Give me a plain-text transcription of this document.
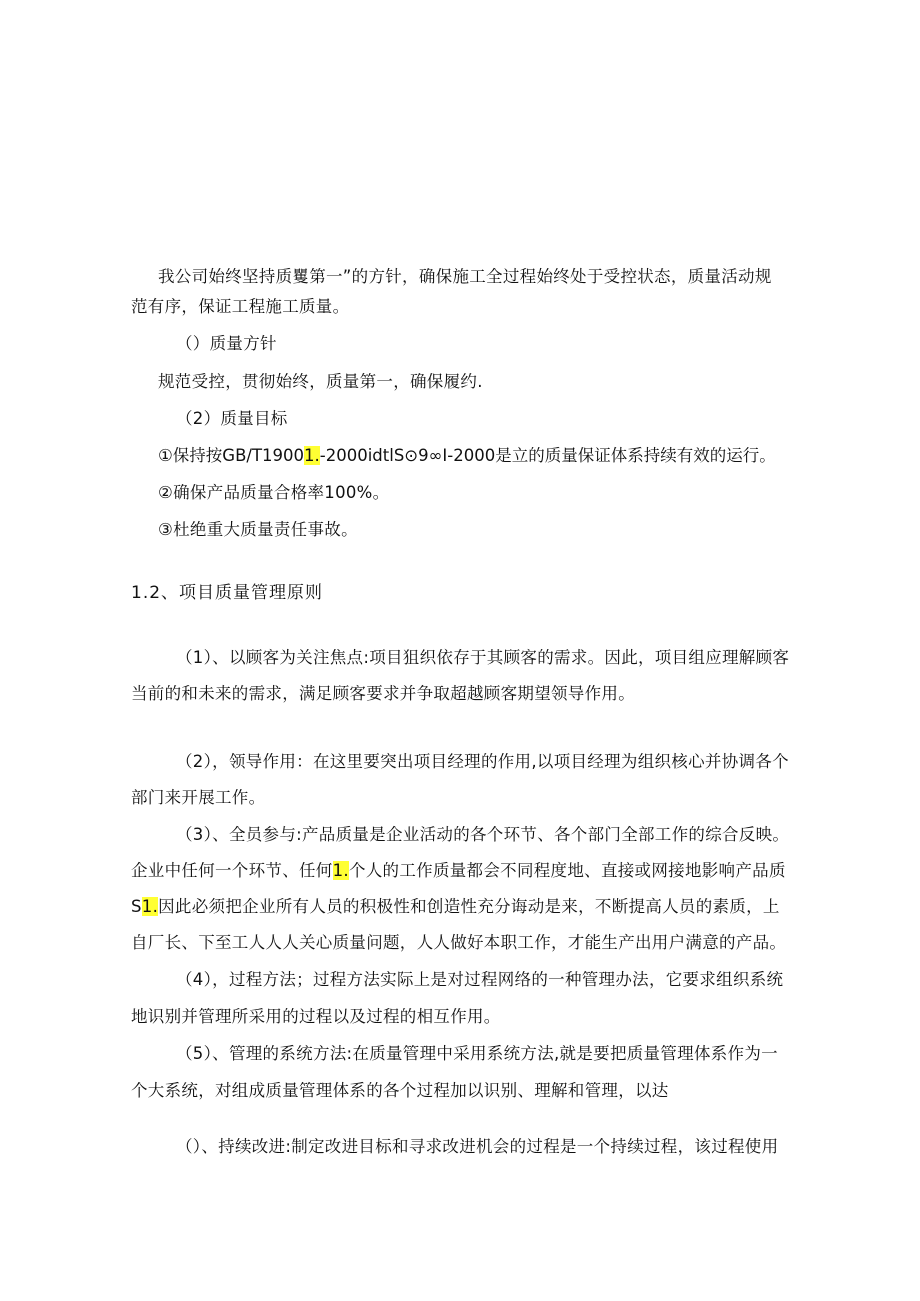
我公司始终坚持质矍第一”的方针，确保施工全过程始终处于受控状态，质量活动规
范有序，保证工程施工质量。
（）质量方针
规范受控，贯彻始终，质量第一，确保履约.
（2）质量目标
①保持按GB/T19001.-2000idtlS⊙9∞I-2000是立的质量保证体系持续有效的运行。
②确保产品质量合格率100%。
③杜绝重大质量责任事故。
1.2、项目质量管理原则
（1）、以顾客为关注焦点:项目狙织依存于其顾客的需求。因此，项目组应理解顾客
当前的和未来的需求，满足顾客要求并争取超越顾客期望领导作用。
（2），领导作用：在这里要突出项目经理的作用,以项目经理为组织核心并协调各个
部门来开展工作。
（3）、全员参与:产品质量是企业活动的各个环节、各个部门全部工作的综合反映。
企业中任何一个环节、任何1.个人的工作质量都会不同程度地、直接或网接地影响产品质
S1.因此必须把企业所有人员的积极性和创造性充分诲动是来，不断提高人员的素质，上
自厂长、下至工人人人关心质量问题，人人做好本职工作，才能生产出用户满意的产品。
（4），过程方法；过程方法实际上是对过程网络的一种管理办法，它要求组织系统
地识别并管理所采用的过程以及过程的相互作用。
（5）、管理的系统方法:在质量管理中采用系统方法,就是要把质量管理体系作为一
个大系统，对组成质量管理体系的各个过程加以识别、理解和管理，以达
（）、持续改进:制定改进目标和寻求改进机会的过程是一个持续过程，该过程使用
